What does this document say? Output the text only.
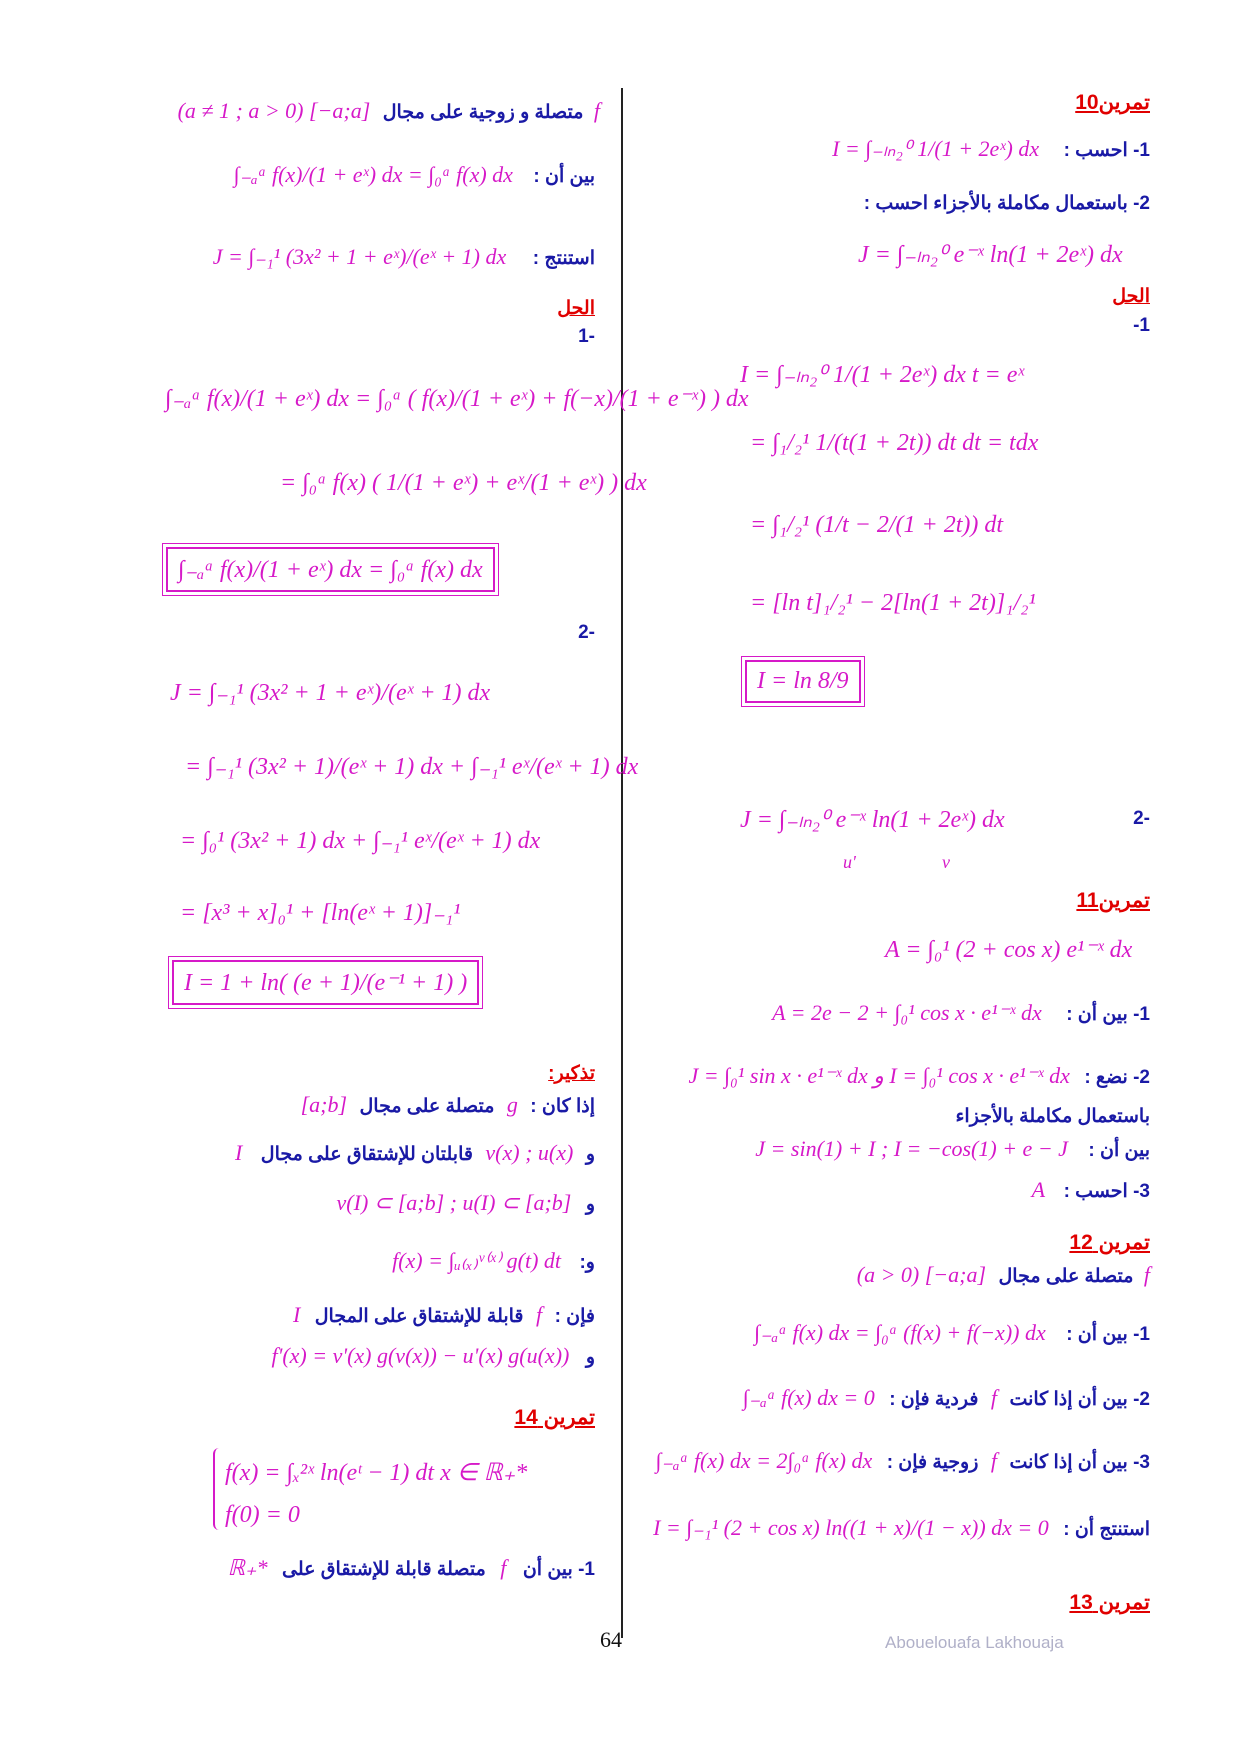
تمرين10
1- احسب : I = ∫₋ₗₙ₂⁰ 1/(1 + 2eˣ) dx
2- باستعمال مكاملة بالأجزاء احسب :
J = ∫₋ₗₙ₂⁰ e⁻ˣ ln(1 + 2eˣ) dx
الحل
1-
I = ∫₋ₗₙ₂⁰ 1/(1 + 2eˣ) dx t = eˣ
= ∫₁/₂¹ 1/(t(1 + 2t)) dt dt = tdx
= ∫₁/₂¹ (1/t − 2/(1 + 2t)) dt
= [ln t]₁/₂¹ − 2[ln(1 + 2t)]₁/₂¹
I = ln 8/9
-2
J = ∫₋ₗₙ₂⁰ e⁻ˣ ln(1 + 2eˣ) dx
u'	v
تمرين11
A = ∫₀¹ (2 + cos x) e¹⁻ˣ dx
1- بين أن : A = 2e − 2 + ∫₀¹ cos x · e¹⁻ˣ dx
2- نضع : J = ∫₀¹ sin x · e¹⁻ˣ dx و I = ∫₀¹ cos x · e¹⁻ˣ dx
باستعمال مكاملة بالأجزاء
بين أن : J = sin(1) + I ; I = −cos(1) + e − J
3- احسب : A
تمرين 12
f متصلة على مجال (a > 0) [−a;a]
1- بين أن : ∫₋ₐᵃ f(x) dx = ∫₀ᵃ (f(x) + f(−x)) dx
2- بين أن إذا كانت f فردية فإن : ∫₋ₐᵃ f(x) dx = 0
3- بين أن إذا كانت f زوجية فإن : ∫₋ₐᵃ f(x) dx = 2∫₀ᵃ f(x) dx
استنتج أن : I = ∫₋₁¹ (2 + cos x) ln((1 + x)/(1 − x)) dx = 0
تمرين 13
f متصلة و زوجية على مجال (a ≠ 1 ; a > 0) [−a;a]
بين أن : ∫₋ₐᵃ f(x)/(1 + eˣ) dx = ∫₀ᵃ f(x) dx
استنتج : J = ∫₋₁¹ (3x² + 1 + eˣ)/(eˣ + 1) dx
الحل
-1
∫₋ₐᵃ f(x)/(1 + eˣ) dx = ∫₀ᵃ ( f(x)/(1 + eˣ) + f(−x)/(1 + e⁻ˣ) ) dx
= ∫₀ᵃ f(x) ( 1/(1 + eˣ) + eˣ/(1 + eˣ) ) dx
∫₋ₐᵃ f(x)/(1 + eˣ) dx = ∫₀ᵃ f(x) dx
-2
J = ∫₋₁¹ (3x² + 1 + eˣ)/(eˣ + 1) dx
= ∫₋₁¹ (3x² + 1)/(eˣ + 1) dx + ∫₋₁¹ eˣ/(eˣ + 1) dx
= ∫₀¹ (3x² + 1) dx + ∫₋₁¹ eˣ/(eˣ + 1) dx
= [x³ + x]₀¹ + [ln(eˣ + 1)]₋₁¹
I = 1 + ln( (e + 1)/(e⁻¹ + 1) )
تذكير:
إذا كان : g متصلة على مجال [a;b]
و v(x) ; u(x) قابلتان للإشتقاق على مجال I
و v(I) ⊂ [a;b] ; u(I) ⊂ [a;b]
و: f(x) = ∫ᵤ₍ₓ₎ᵛ⁽ˣ⁾ g(t) dt
فإن : f قابلة للإشتقاق على المجال I
و f'(x) = v'(x) g(v(x)) − u'(x) g(u(x))
تمرين 14
f(x) = ∫ₓ²ˣ ln(eᵗ − 1) dt x ∈ ℝ₊*
f(0) = 0
1- بين أن f متصلة قابلة للإشتقاق على ℝ₊*
64	Abouelouafa Lakhouaja
